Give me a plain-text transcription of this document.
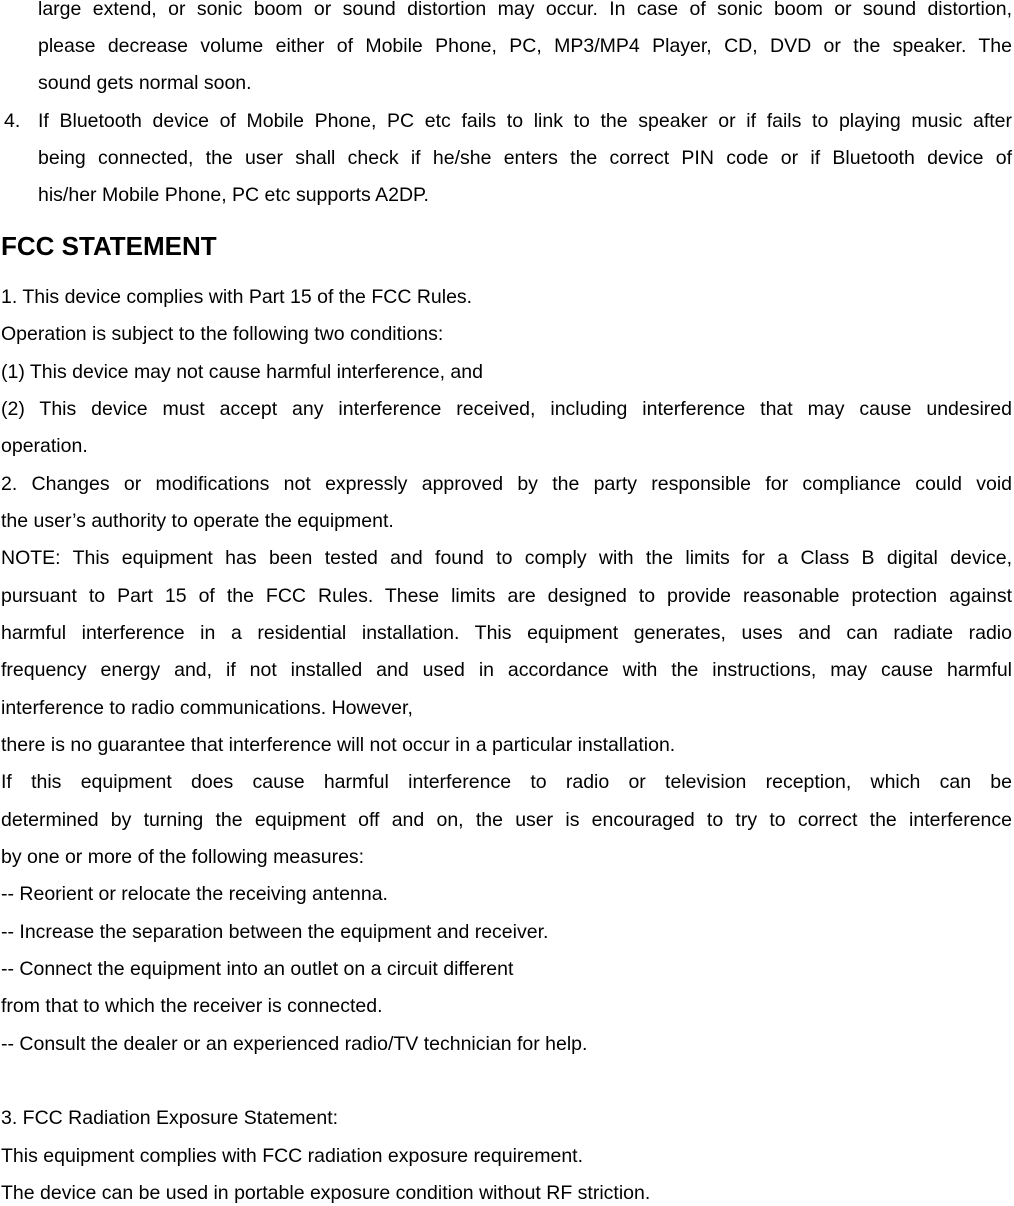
large extend, or sonic boom or sound distortion may occur. In case of sonic boom or sound distortion,
please decrease volume either of Mobile Phone, PC, MP3/MP4 Player, CD, DVD or the speaker. The
sound gets normal soon.
4. If Bluetooth device of Mobile Phone, PC etc fails to link to the speaker or if fails to playing music after
being connected, the user shall check if he/she enters the correct PIN code or if Bluetooth device of
his/her Mobile Phone, PC etc supports A2DP.
FCC STATEMENT
1. This device complies with Part 15 of the FCC Rules.
Operation is subject to the following two conditions:
(1) This device may not cause harmful interference, and
(2) This device must accept any interference received, including interference that may cause undesired
operation.
2. Changes or modifications not expressly approved by the party responsible for compliance could void
the user’s authority to operate the equipment.
NOTE: This equipment has been tested and found to comply with the limits for a Class B digital device,
pursuant to Part 15 of the FCC Rules. These limits are designed to provide reasonable protection against
harmful interference in a residential installation. This equipment generates, uses and can radiate radio
frequency energy and, if not installed and used in accordance with the instructions, may cause harmful
interference to radio communications. However,
there is no guarantee that interference will not occur in a particular installation.
If this equipment does cause harmful interference to radio or television reception, which can be
determined by turning the equipment off and on, the user is encouraged to try to correct the interference
by one or more of the following measures:
-- Reorient or relocate the receiving antenna.
-- Increase the separation between the equipment and receiver.
-- Connect the equipment into an outlet on a circuit different
from that to which the receiver is connected.
-- Consult the dealer or an experienced radio/TV technician for help.
3. FCC Radiation Exposure Statement:
This equipment complies with FCC radiation exposure requirement.
The device can be used in portable exposure condition without RF striction.
